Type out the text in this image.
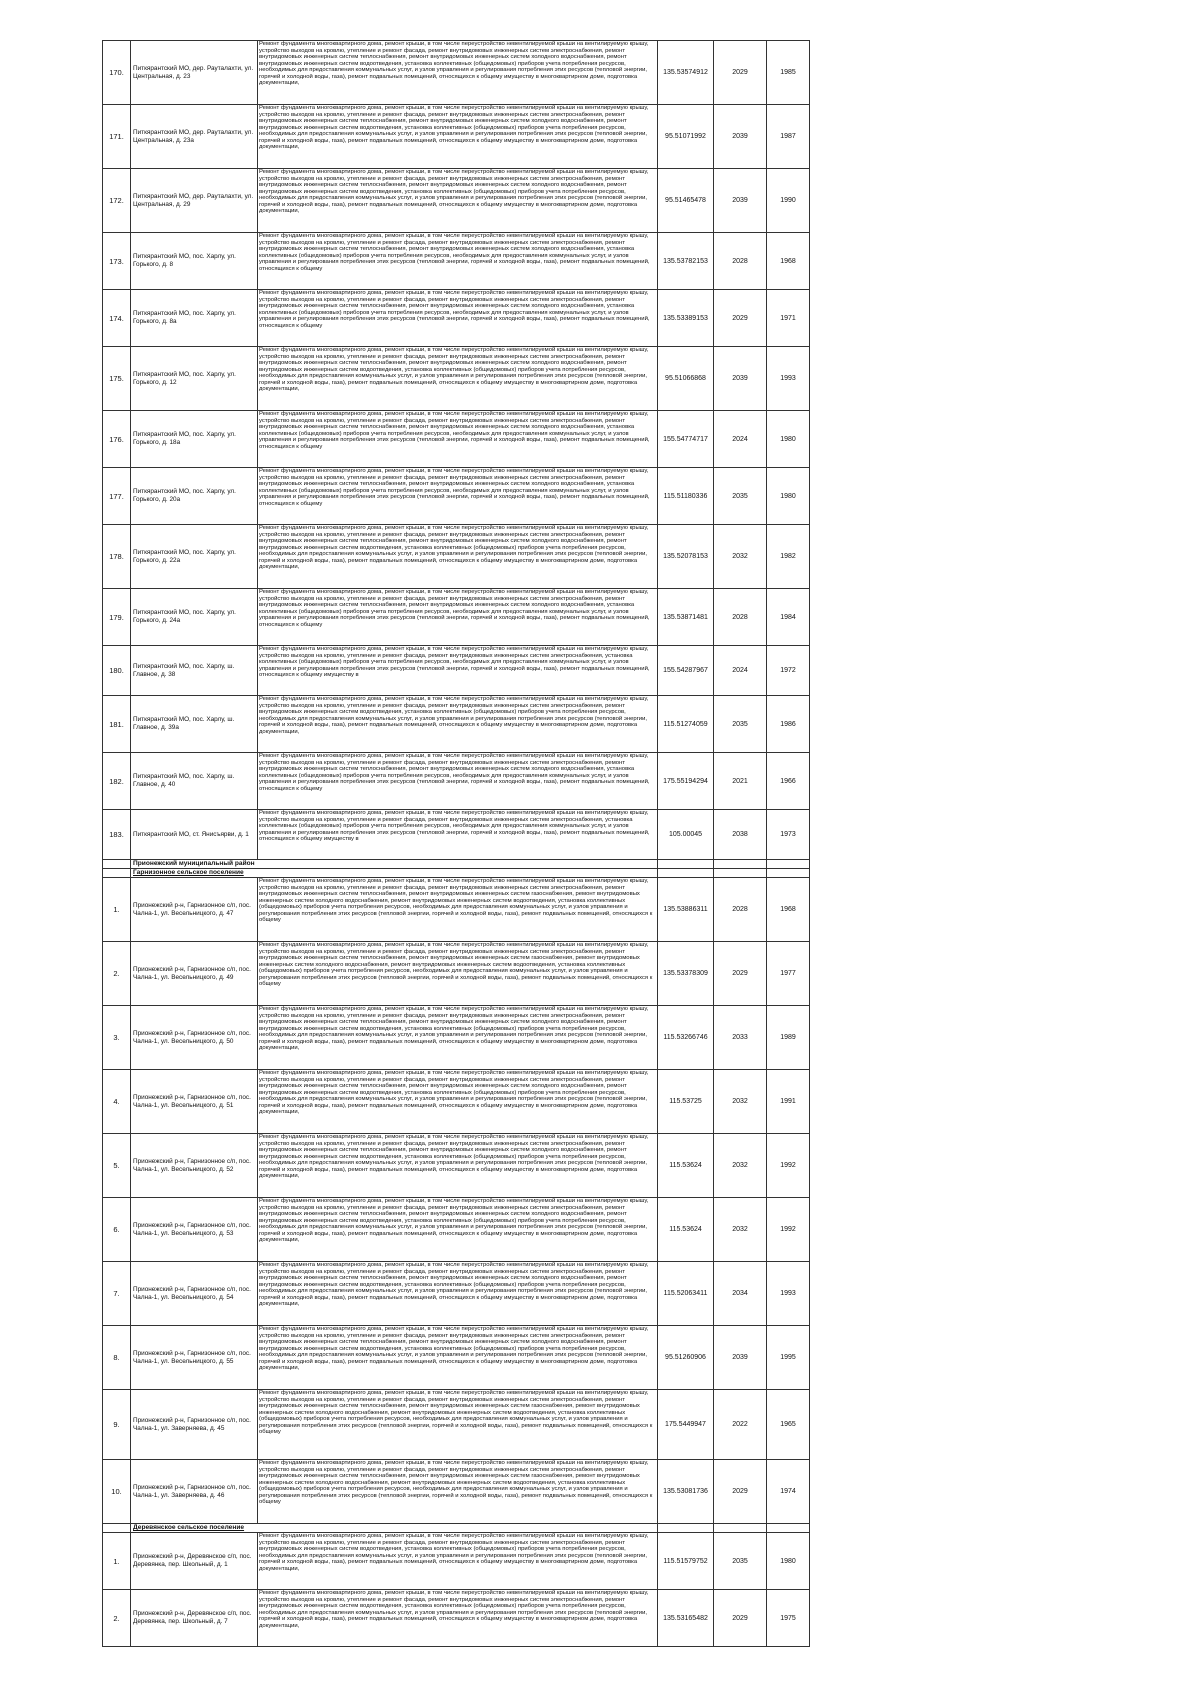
170.	Питкярантский МО, дер. Рауталахти, ул. Центральная, д. 23	Ремонт фундамента многоквартирного дома, ремонт крыши, в том числе переустройство невентилируемой крыши на вентилируемую крышу, устройство выходов на кровлю, утепление и ремонт фасада, ремонт внутридомовых инженерных систем электроснабжения, ремонт внутридомовых инженерных систем теплоснабжения, ремонт внутридомовых инженерных систем холодного водоснабжения, ремонт внутридомовых инженерных систем водоотведения, установка коллективных (общедомовых) приборов учета потребления ресурсов, необходимых для предоставления коммунальных услуг, и узлов управления и регулирования потребления этих ресурсов (тепловой энергии, горячей и холодной воды, газа), ремонт подвальных помещений, относящихся к общему имуществу в многоквартирном доме, подготовка документации,	135.53574912	2029	1985
171.	Питкярантский МО, дер. Рауталахти, ул. Центральная, д. 23а	Ремонт фундамента многоквартирного дома, ремонт крыши, в том числе переустройство невентилируемой крыши на вентилируемую крышу, устройство выходов на кровлю, утепление и ремонт фасада, ремонт внутридомовых инженерных систем электроснабжения, ремонт внутридомовых инженерных систем теплоснабжения, ремонт внутридомовых инженерных систем холодного водоснабжения, ремонт внутридомовых инженерных систем водоотведения, установка коллективных (общедомовых) приборов учета потребления ресурсов, необходимых для предоставления коммунальных услуг, и узлов управления и регулирования потребления этих ресурсов (тепловой энергии, горячей и холодной воды, газа), ремонт подвальных помещений, относящихся к общему имуществу в многоквартирном доме, подготовка документации,	95.51071992	2039	1987
172.	Питкярантский МО, дер. Рауталахти, ул. Центральная, д. 29	Ремонт фундамента многоквартирного дома, ремонт крыши, в том числе переустройство невентилируемой крыши на вентилируемую крышу, устройство выходов на кровлю, утепление и ремонт фасада, ремонт внутридомовых инженерных систем электроснабжения, ремонт внутридомовых инженерных систем теплоснабжения, ремонт внутридомовых инженерных систем холодного водоснабжения, ремонт внутридомовых инженерных систем водоотведения, установка коллективных (общедомовых) приборов учета потребления ресурсов, необходимых для предоставления коммунальных услуг, и узлов управления и регулирования потребления этих ресурсов (тепловой энергии, горячей и холодной воды, газа), ремонт подвальных помещений, относящихся к общему имуществу в многоквартирном доме, подготовка документации,	95.51465478	2039	1990
173.	Питкярантский МО, пос. Харлу, ул. Горького, д. 8	Ремонт фундамента многоквартирного дома, ремонт крыши, в том числе переустройство невентилируемой крыши на вентилируемую крышу, устройство выходов на кровлю, утепление и ремонт фасада, ремонт внутридомовых инженерных систем электроснабжения, ремонт внутридомовых инженерных систем теплоснабжения, ремонт внутридомовых инженерных систем холодного водоснабжения, установка коллективных (общедомовых) приборов учета потребления ресурсов, необходимых для предоставления коммунальных услуг, и узлов управления и регулирования потребления этих ресурсов (тепловой энергии, горячей и холодной воды, газа), ремонт подвальных помещений, относящихся к общему	135.53782153	2028	1968
174.	Питкярантский МО, пос. Харлу, ул. Горького, д. 8а	Ремонт фундамента многоквартирного дома, ремонт крыши, в том числе переустройство невентилируемой крыши на вентилируемую крышу, устройство выходов на кровлю, утепление и ремонт фасада, ремонт внутридомовых инженерных систем электроснабжения, ремонт внутридомовых инженерных систем теплоснабжения, ремонт внутридомовых инженерных систем холодного водоснабжения, установка коллективных (общедомовых) приборов учета потребления ресурсов, необходимых для предоставления коммунальных услуг, и узлов управления и регулирования потребления этих ресурсов (тепловой энергии, горячей и холодной воды, газа), ремонт подвальных помещений, относящихся к общему	135.53389153	2029	1971
175.	Питкярантский МО, пос. Харлу, ул. Горького, д. 12	Ремонт фундамента многоквартирного дома, ремонт крыши, в том числе переустройство невентилируемой крыши на вентилируемую крышу, устройство выходов на кровлю, утепление и ремонт фасада, ремонт внутридомовых инженерных систем электроснабжения, ремонт внутридомовых инженерных систем теплоснабжения, ремонт внутридомовых инженерных систем холодного водоснабжения, ремонт внутридомовых инженерных систем водоотведения, установка коллективных (общедомовых) приборов учета потребления ресурсов, необходимых для предоставления коммунальных услуг, и узлов управления и регулирования потребления этих ресурсов (тепловой энергии, горячей и холодной воды, газа), ремонт подвальных помещений, относящихся к общему имуществу в многоквартирном доме, подготовка документации,	95.51066868	2039	1993
176.	Питкярантский МО, пос. Харлу, ул. Горького, д. 18а	Ремонт фундамента многоквартирного дома, ремонт крыши, в том числе переустройство невентилируемой крыши на вентилируемую крышу, устройство выходов на кровлю, утепление и ремонт фасада, ремонт внутридомовых инженерных систем электроснабжения, ремонт внутридомовых инженерных систем теплоснабжения, ремонт внутридомовых инженерных систем холодного водоснабжения, установка коллективных (общедомовых) приборов учета потребления ресурсов, необходимых для предоставления коммунальных услуг, и узлов управления и регулирования потребления этих ресурсов (тепловой энергии, горячей и холодной воды, газа), ремонт подвальных помещений, относящихся к общему	155.54774717	2024	1980
177.	Питкярантский МО, пос. Харлу, ул. Горького, д. 20а	Ремонт фундамента многоквартирного дома, ремонт крыши, в том числе переустройство невентилируемой крыши на вентилируемую крышу, устройство выходов на кровлю, утепление и ремонт фасада, ремонт внутридомовых инженерных систем электроснабжения, ремонт внутридомовых инженерных систем теплоснабжения, ремонт внутридомовых инженерных систем холодного водоснабжения, установка коллективных (общедомовых) приборов учета потребления ресурсов, необходимых для предоставления коммунальных услуг, и узлов управления и регулирования потребления этих ресурсов (тепловой энергии, горячей и холодной воды, газа), ремонт подвальных помещений, относящихся к общему	115.51180336	2035	1980
178.	Питкярантский МО, пос. Харлу, ул. Горького, д. 22а	Ремонт фундамента многоквартирного дома, ремонт крыши, в том числе переустройство невентилируемой крыши на вентилируемую крышу, устройство выходов на кровлю, утепление и ремонт фасада, ремонт внутридомовых инженерных систем электроснабжения, ремонт внутридомовых инженерных систем теплоснабжения, ремонт внутридомовых инженерных систем холодного водоснабжения, ремонт внутридомовых инженерных систем водоотведения, установка коллективных (общедомовых) приборов учета потребления ресурсов, необходимых для предоставления коммунальных услуг, и узлов управления и регулирования потребления этих ресурсов (тепловой энергии, горячей и холодной воды, газа), ремонт подвальных помещений, относящихся к общему имуществу в многоквартирном доме, подготовка документации,	135.52078153	2032	1982
179.	Питкярантский МО, пос. Харлу, ул. Горького, д. 24а	Ремонт фундамента многоквартирного дома, ремонт крыши, в том числе переустройство невентилируемой крыши на вентилируемую крышу, устройство выходов на кровлю, утепление и ремонт фасада, ремонт внутридомовых инженерных систем электроснабжения, ремонт внутридомовых инженерных систем теплоснабжения, ремонт внутридомовых инженерных систем холодного водоснабжения, установка коллективных (общедомовых) приборов учета потребления ресурсов, необходимых для предоставления коммунальных услуг, и узлов управления и регулирования потребления этих ресурсов (тепловой энергии, горячей и холодной воды, газа), ремонт подвальных помещений, относящихся к общему	135.53871481	2028	1984
180.	Питкярантский МО, пос. Харлу, ш. Главное, д. 38	Ремонт фундамента многоквартирного дома, ремонт крыши, в том числе переустройство невентилируемой крыши на вентилируемую крышу, устройство выходов на кровлю, утепление и ремонт фасада, ремонт внутридомовых инженерных систем электроснабжения, установка коллективных (общедомовых) приборов учета потребления ресурсов, необходимых для предоставления коммунальных услуг, и узлов управления и регулирования потребления этих ресурсов (тепловой энергии, горячей и холодной воды, газа), ремонт подвальных помещений, относящихся к общему имуществу в	155.54287967	2024	1972
181.	Питкярантский МО, пос. Харлу, ш. Главное, д. 39а	Ремонт фундамента многоквартирного дома, ремонт крыши, в том числе переустройство невентилируемой крыши на вентилируемую крышу, устройство выходов на кровлю, утепление и ремонт фасада, ремонт внутридомовых инженерных систем электроснабжения, ремонт внутридомовых инженерных систем водоотведения, установка коллективных (общедомовых) приборов учета потребления ресурсов, необходимых для предоставления коммунальных услуг, и узлов управления и регулирования потребления этих ресурсов (тепловой энергии, горячей и холодной воды, газа), ремонт подвальных помещений, относящихся к общему имуществу в многоквартирном доме, подготовка документации,	115.51274059	2035	1986
182.	Питкярантский МО, пос. Харлу, ш. Главное, д. 40	Ремонт фундамента многоквартирного дома, ремонт крыши, в том числе переустройство невентилируемой крыши на вентилируемую крышу, устройство выходов на кровлю, утепление и ремонт фасада, ремонт внутридомовых инженерных систем электроснабжения, ремонт внутридомовых инженерных систем теплоснабжения, ремонт внутридомовых инженерных систем холодного водоснабжения, установка коллективных (общедомовых) приборов учета потребления ресурсов, необходимых для предоставления коммунальных услуг, и узлов управления и регулирования потребления этих ресурсов (тепловой энергии, горячей и холодной воды, газа), ремонт подвальных помещений, относящихся к общему	175.55194294	2021	1966
183.	Питкярантский МО, ст. Янисъярви, д. 1	Ремонт фундамента многоквартирного дома, ремонт крыши, в том числе переустройство невентилируемой крыши на вентилируемую крышу, устройство выходов на кровлю, утепление и ремонт фасада, ремонт внутридомовых инженерных систем электроснабжения, установка коллективных (общедомовых) приборов учета потребления ресурсов, необходимых для предоставления коммунальных услуг, и узлов управления и регулирования потребления этих ресурсов (тепловой энергии, горячей и холодной воды, газа), ремонт подвальных помещений, относящихся к общему имуществу в	105.00045	2038	1973
	Прионежский муниципальный район				
	Гарнизонное сельское поселение				
1.	Прионежский р-н, Гарнизонное с/п, пос. Чална-1, ул. Весельницкого, д. 47	Ремонт фундамента многоквартирного дома, ремонт крыши, в том числе переустройство невентилируемой крыши на вентилируемую крышу, устройство выходов на кровлю, утепление и ремонт фасада, ремонт внутридомовых инженерных систем электроснабжения, ремонт внутридомовых инженерных систем теплоснабжения, ремонт внутридомовых инженерных систем газоснабжения, ремонт внутридомовых инженерных систем холодного водоснабжения, ремонт внутридомовых инженерных систем водоотведения, установка коллективных (общедомовых) приборов учета потребления ресурсов, необходимых для предоставления коммунальных услуг, и узлов управления и регулирования потребления этих ресурсов (тепловой энергии, горячей и холодной воды, газа), ремонт подвальных помещений, относящихся к общему	135.53886311	2028	1968
2.	Прионежский р-н, Гарнизонное с/п, пос. Чална-1, ул. Весельницкого, д. 49	Ремонт фундамента многоквартирного дома, ремонт крыши, в том числе переустройство невентилируемой крыши на вентилируемую крышу, устройство выходов на кровлю, утепление и ремонт фасада, ремонт внутридомовых инженерных систем электроснабжения, ремонт внутридомовых инженерных систем теплоснабжения, ремонт внутридомовых инженерных систем газоснабжения, ремонт внутридомовых инженерных систем холодного водоснабжения, ремонт внутридомовых инженерных систем водоотведения, установка коллективных (общедомовых) приборов учета потребления ресурсов, необходимых для предоставления коммунальных услуг, и узлов управления и регулирования потребления этих ресурсов (тепловой энергии, горячей и холодной воды, газа), ремонт подвальных помещений, относящихся к общему	135.53378309	2029	1977
3.	Прионежский р-н, Гарнизонное с/п, пос. Чална-1, ул. Весельницкого, д. 50	Ремонт фундамента многоквартирного дома, ремонт крыши, в том числе переустройство невентилируемой крыши на вентилируемую крышу, устройство выходов на кровлю, утепление и ремонт фасада, ремонт внутридомовых инженерных систем электроснабжения, ремонт внутридомовых инженерных систем теплоснабжения, ремонт внутридомовых инженерных систем холодного водоснабжения, ремонт внутридомовых инженерных систем водоотведения, установка коллективных (общедомовых) приборов учета потребления ресурсов, необходимых для предоставления коммунальных услуг, и узлов управления и регулирования потребления этих ресурсов (тепловой энергии, горячей и холодной воды, газа), ремонт подвальных помещений, относящихся к общему имуществу в многоквартирном доме, подготовка документации,	115.53266746	2033	1989
4.	Прионежский р-н, Гарнизонное с/п, пос. Чална-1, ул. Весельницкого, д. 51	Ремонт фундамента многоквартирного дома, ремонт крыши, в том числе переустройство невентилируемой крыши на вентилируемую крышу, устройство выходов на кровлю, утепление и ремонт фасада, ремонт внутридомовых инженерных систем электроснабжения, ремонт внутридомовых инженерных систем теплоснабжения, ремонт внутридомовых инженерных систем холодного водоснабжения, ремонт внутридомовых инженерных систем водоотведения, установка коллективных (общедомовых) приборов учета потребления ресурсов, необходимых для предоставления коммунальных услуг, и узлов управления и регулирования потребления этих ресурсов (тепловой энергии, горячей и холодной воды, газа), ремонт подвальных помещений, относящихся к общему имуществу в многоквартирном доме, подготовка документации,	115.53725	2032	1991
5.	Прионежский р-н, Гарнизонное с/п, пос. Чална-1, ул. Весельницкого, д. 52	Ремонт фундамента многоквартирного дома, ремонт крыши, в том числе переустройство невентилируемой крыши на вентилируемую крышу, устройство выходов на кровлю, утепление и ремонт фасада, ремонт внутридомовых инженерных систем электроснабжения, ремонт внутридомовых инженерных систем теплоснабжения, ремонт внутридомовых инженерных систем холодного водоснабжения, ремонт внутридомовых инженерных систем водоотведения, установка коллективных (общедомовых) приборов учета потребления ресурсов, необходимых для предоставления коммунальных услуг, и узлов управления и регулирования потребления этих ресурсов (тепловой энергии, горячей и холодной воды, газа), ремонт подвальных помещений, относящихся к общему имуществу в многоквартирном доме, подготовка документации,	115.53624	2032	1992
6.	Прионежский р-н, Гарнизонное с/п, пос. Чална-1, ул. Весельницкого, д. 53	Ремонт фундамента многоквартирного дома, ремонт крыши, в том числе переустройство невентилируемой крыши на вентилируемую крышу, устройство выходов на кровлю, утепление и ремонт фасада, ремонт внутридомовых инженерных систем электроснабжения, ремонт внутридомовых инженерных систем теплоснабжения, ремонт внутридомовых инженерных систем холодного водоснабжения, ремонт внутридомовых инженерных систем водоотведения, установка коллективных (общедомовых) приборов учета потребления ресурсов, необходимых для предоставления коммунальных услуг, и узлов управления и регулирования потребления этих ресурсов (тепловой энергии, горячей и холодной воды, газа), ремонт подвальных помещений, относящихся к общему имуществу в многоквартирном доме, подготовка документации,	115.53624	2032	1992
7.	Прионежский р-н, Гарнизонное с/п, пос. Чална-1, ул. Весельницкого, д. 54	Ремонт фундамента многоквартирного дома, ремонт крыши, в том числе переустройство невентилируемой крыши на вентилируемую крышу, устройство выходов на кровлю, утепление и ремонт фасада, ремонт внутридомовых инженерных систем электроснабжения, ремонт внутридомовых инженерных систем теплоснабжения, ремонт внутридомовых инженерных систем холодного водоснабжения, ремонт внутридомовых инженерных систем водоотведения, установка коллективных (общедомовых) приборов учета потребления ресурсов, необходимых для предоставления коммунальных услуг, и узлов управления и регулирования потребления этих ресурсов (тепловой энергии, горячей и холодной воды, газа), ремонт подвальных помещений, относящихся к общему имуществу в многоквартирном доме, подготовка документации,	115.52063411	2034	1993
8.	Прионежский р-н, Гарнизонное с/п, пос. Чална-1, ул. Весельницкого, д. 55	Ремонт фундамента многоквартирного дома, ремонт крыши, в том числе переустройство невентилируемой крыши на вентилируемую крышу, устройство выходов на кровлю, утепление и ремонт фасада, ремонт внутридомовых инженерных систем электроснабжения, ремонт внутридомовых инженерных систем теплоснабжения, ремонт внутридомовых инженерных систем холодного водоснабжения, ремонт внутридомовых инженерных систем водоотведения, установка коллективных (общедомовых) приборов учета потребления ресурсов, необходимых для предоставления коммунальных услуг, и узлов управления и регулирования потребления этих ресурсов (тепловой энергии, горячей и холодной воды, газа), ремонт подвальных помещений, относящихся к общему имуществу в многоквартирном доме, подготовка документации,	95.51260906	2039	1995
9.	Прионежский р-н, Гарнизонное с/п, пос. Чална-1, ул. Заверняева, д. 45	Ремонт фундамента многоквартирного дома, ремонт крыши, в том числе переустройство невентилируемой крыши на вентилируемую крышу, устройство выходов на кровлю, утепление и ремонт фасада, ремонт внутридомовых инженерных систем электроснабжения, ремонт внутридомовых инженерных систем теплоснабжения, ремонт внутридомовых инженерных систем газоснабжения, ремонт внутридомовых инженерных систем холодного водоснабжения, ремонт внутридомовых инженерных систем водоотведения, установка коллективных (общедомовых) приборов учета потребления ресурсов, необходимых для предоставления коммунальных услуг, и узлов управления и регулирования потребления этих ресурсов (тепловой энергии, горячей и холодной воды, газа), ремонт подвальных помещений, относящихся к общему	175.5449947	2022	1965
10.	Прионежский р-н, Гарнизонное с/п, пос. Чална-1, ул. Заверняева, д. 46	Ремонт фундамента многоквартирного дома, ремонт крыши, в том числе переустройство невентилируемой крыши на вентилируемую крышу, устройство выходов на кровлю, утепление и ремонт фасада, ремонт внутридомовых инженерных систем электроснабжения, ремонт внутридомовых инженерных систем теплоснабжения, ремонт внутридомовых инженерных систем газоснабжения, ремонт внутридомовых инженерных систем холодного водоснабжения, ремонт внутридомовых инженерных систем водоотведения, установка коллективных (общедомовых) приборов учета потребления ресурсов, необходимых для предоставления коммунальных услуг, и узлов управления и регулирования потребления этих ресурсов (тепловой энергии, горячей и холодной воды, газа), ремонт подвальных помещений, относящихся к общему	135.53081736	2029	1974
	Деревянское сельское поселение				
1.	Прионежский р-н, Деревянское с/п, пос. Деревянка, пер. Школьный, д. 1	Ремонт фундамента многоквартирного дома, ремонт крыши, в том числе переустройство невентилируемой крыши на вентилируемую крышу, устройство выходов на кровлю, утепление и ремонт фасада, ремонт внутридомовых инженерных систем электроснабжения, ремонт внутридомовых инженерных систем водоотведения, установка коллективных (общедомовых) приборов учета потребления ресурсов, необходимых для предоставления коммунальных услуг, и узлов управления и регулирования потребления этих ресурсов (тепловой энергии, горячей и холодной воды, газа), ремонт подвальных помещений, относящихся к общему имуществу в многоквартирном доме, подготовка документации,	115.51579752	2035	1980
2.	Прионежский р-н, Деревянское с/п, пос. Деревянка, пер. Школьный, д. 7	Ремонт фундамента многоквартирного дома, ремонт крыши, в том числе переустройство невентилируемой крыши на вентилируемую крышу, устройство выходов на кровлю, утепление и ремонт фасада, ремонт внутридомовых инженерных систем электроснабжения, ремонт внутридомовых инженерных систем водоотведения, установка коллективных (общедомовых) приборов учета потребления ресурсов, необходимых для предоставления коммунальных услуг, и узлов управления и регулирования потребления этих ресурсов (тепловой энергии, горячей и холодной воды, газа), ремонт подвальных помещений, относящихся к общему имуществу в многоквартирном доме, подготовка документации,	135.53165482	2029	1975
